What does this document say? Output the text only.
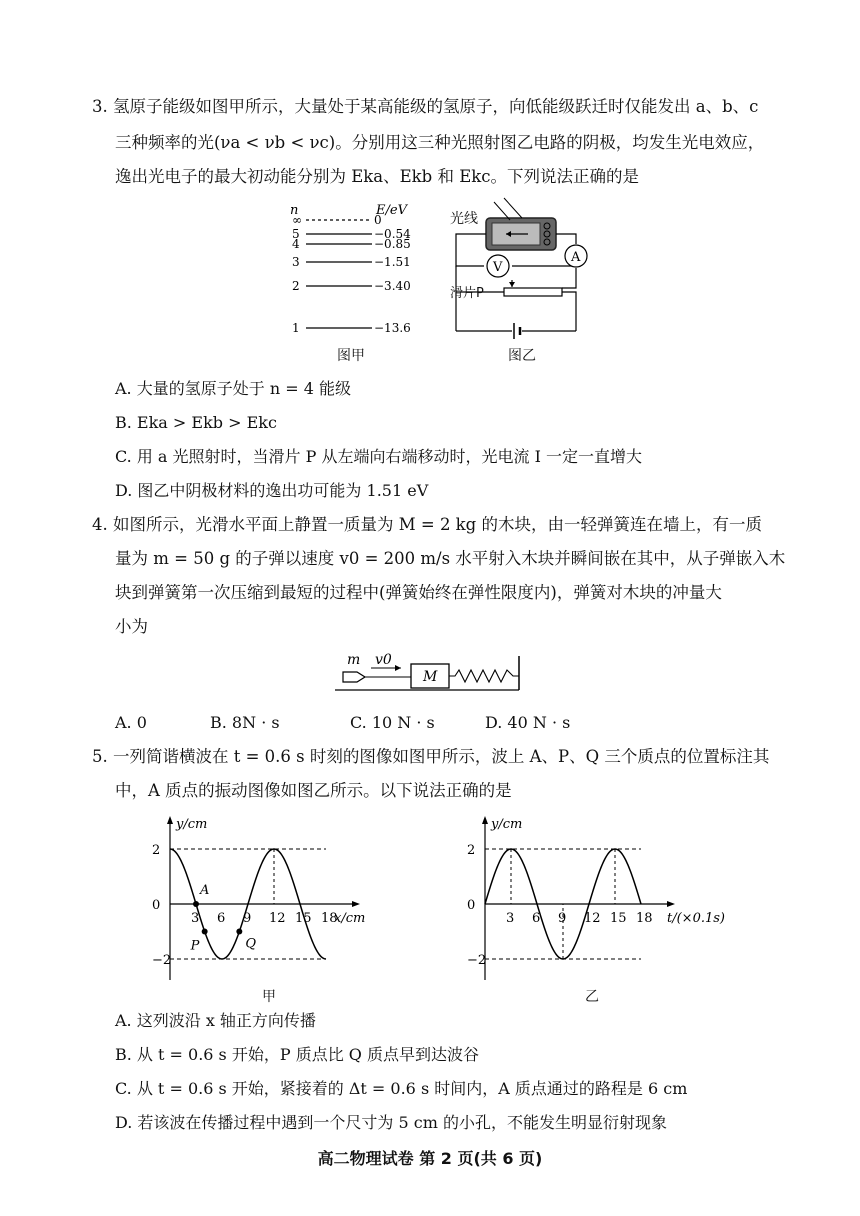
3. 氢原子能级如图甲所示，大量处于某高能级的氢原子，向低能级跃迁时仅能发出 a、b、c
三种频率的光(νa < νb < νc)。分别用这三种光照射图乙电路的阴极，均发生光电效应，
逸出光电子的最大初动能分别为 Eka、Ekb 和 Ekc。下列说法正确的是
n	E/eV
∞	0
5	−0.54
4	−0.85
3	−1.51
2	−3.40
1	−13.6
图甲
V
A
光线
滑片P
图乙
A. 大量的氢原子处于 n = 4 能级
B. Eka > Ekb > Ekc
C. 用 a 光照射时，当滑片 P 从左端向右端移动时，光电流 I 一定一直增大
D. 图乙中阴极材料的逸出功可能为 1.51 eV
4. 如图所示，光滑水平面上静置一质量为 M = 2 kg 的木块，由一轻弹簧连在墙上，有一质
量为 m = 50 g 的子弹以速度 v0 = 200 m/s 水平射入木块并瞬间嵌在其中，从子弹嵌入木
块到弹簧第一次压缩到最短的过程中(弹簧始终在弹性限度内)，弹簧对木块的冲量大
小为
m v0
M
A. 0	B. 8N · s	C. 10 N · s	D. 40 N · s
5. 一列简谐横波在 t = 0.6 s 时刻的图像如图甲所示，波上 A、P、Q 三个质点的位置标注其
中，A 质点的振动图像如图乙所示。以下说法正确的是
y/cm
x/cm
2
0
−2
3 6 9 12 15 18
A
P	Q
甲
y/cm
t/(×0.1s)
2
0
−2
3 6 9 12 15 18
乙
A. 这列波沿 x 轴正方向传播
B. 从 t = 0.6 s 开始，P 质点比 Q 质点早到达波谷
C. 从 t = 0.6 s 开始，紧接着的 Δt = 0.6 s 时间内，A 质点通过的路程是 6 cm
D. 若该波在传播过程中遇到一个尺寸为 5 cm 的小孔，不能发生明显衍射现象
高二物理试卷 第 2 页(共 6 页)
